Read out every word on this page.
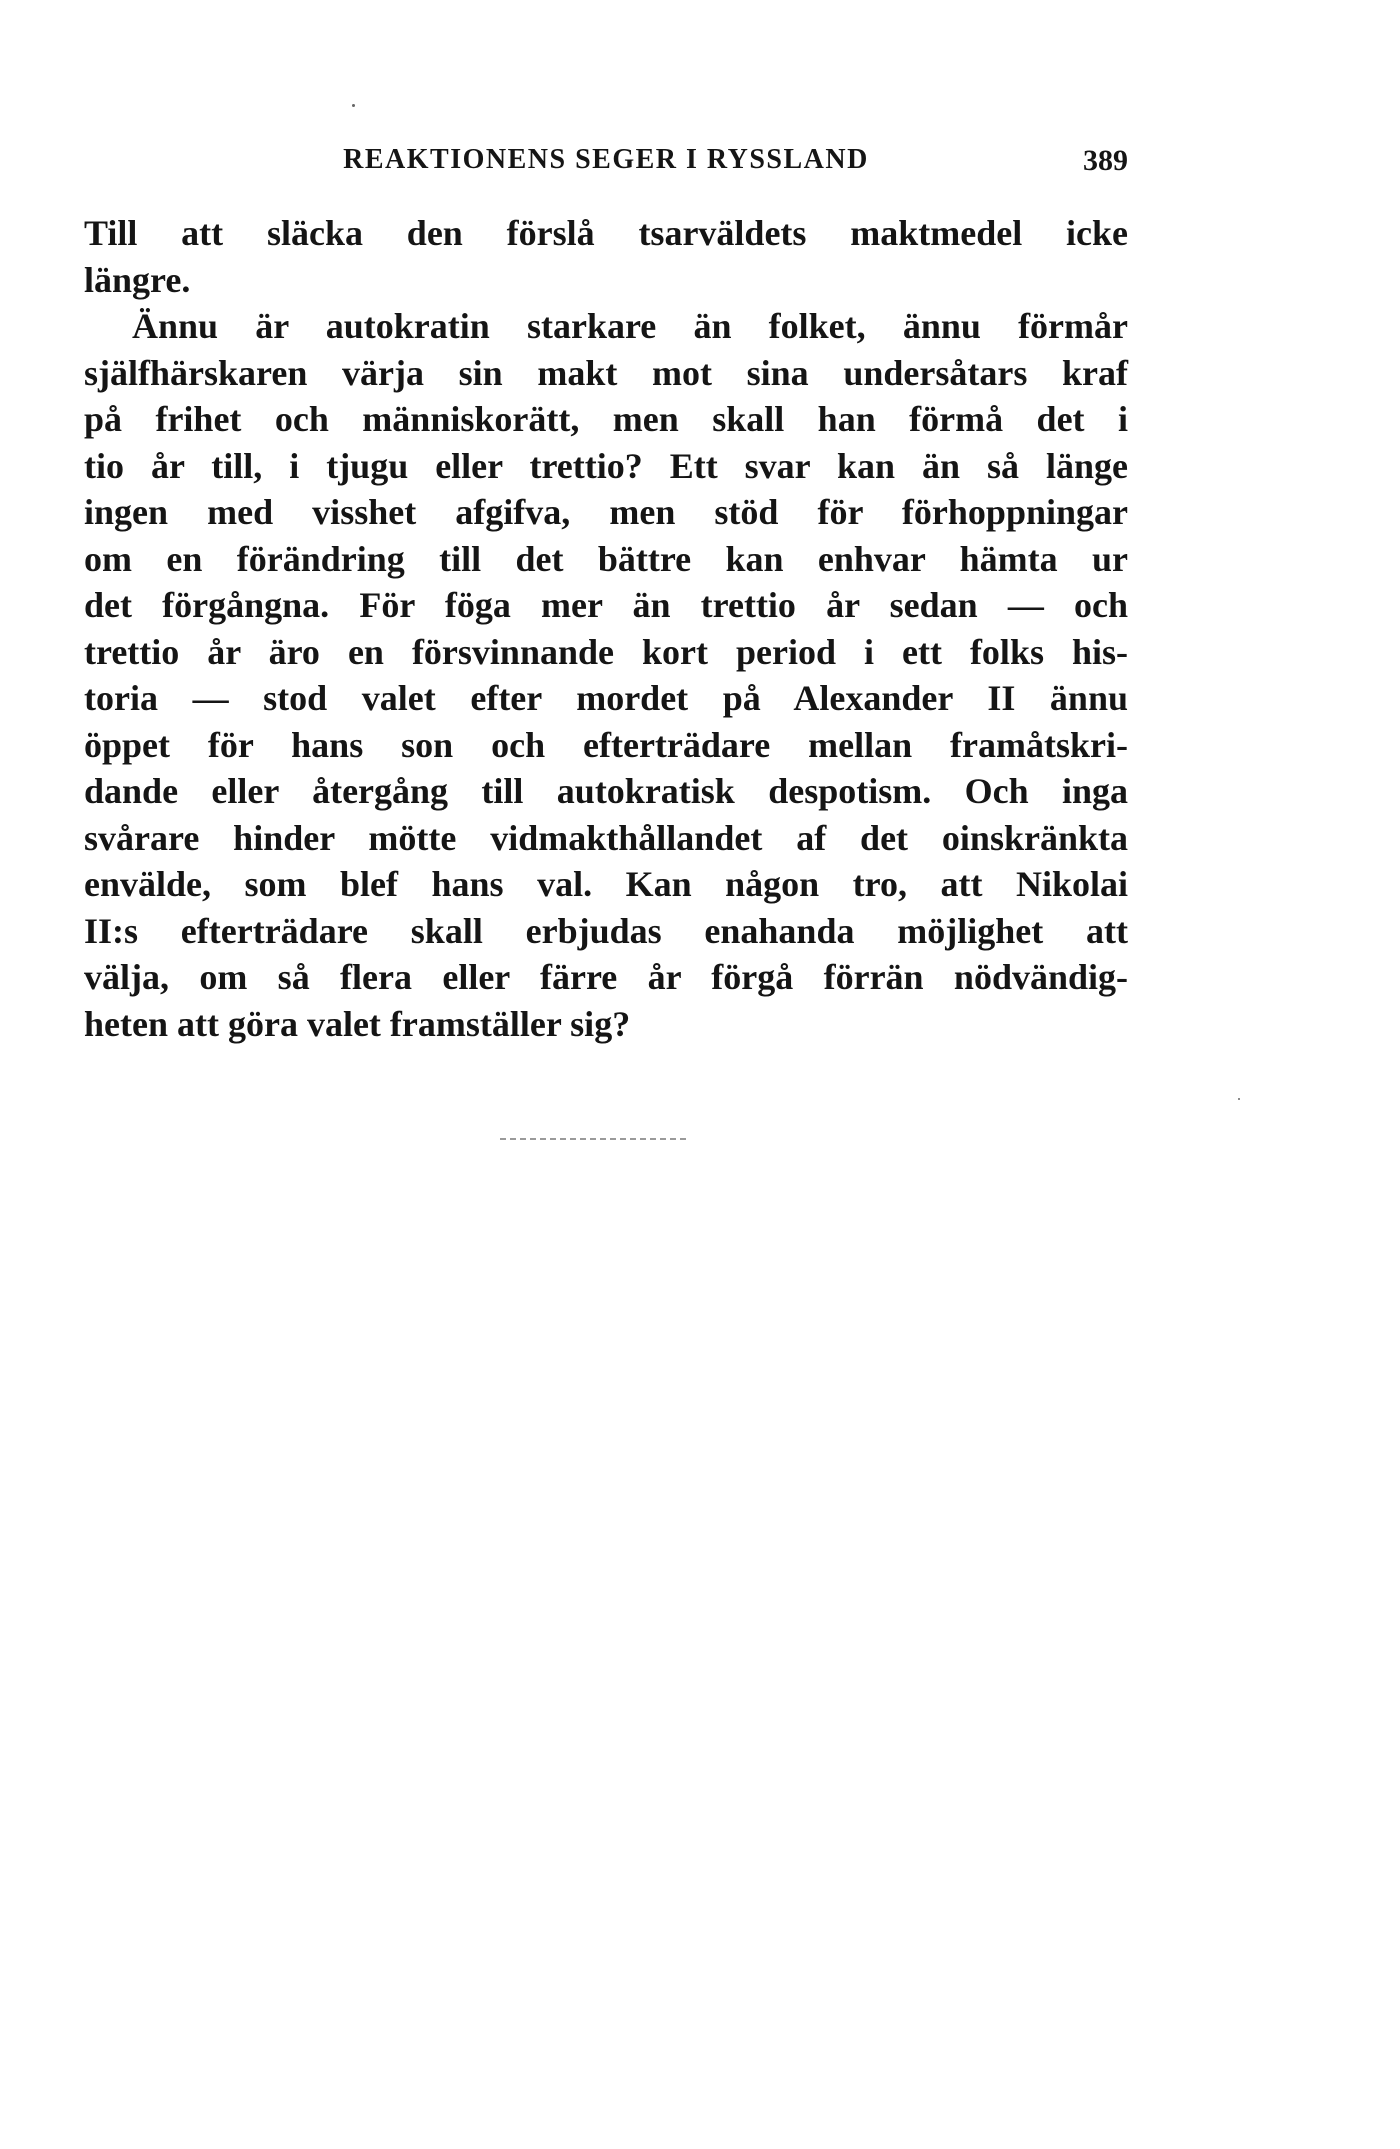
REAKTIONENS SEGER I RYSSLAND	389
Till att släcka den förslå tsarväldets maktmedel icke
längre.
Ännu är autokratin starkare än folket, ännu förmår
själfhärskaren värja sin makt mot sina undersåtars kraf
på frihet och människorätt, men skall han förmå det i
tio år till, i tjugu eller trettio? Ett svar kan än så länge
ingen med visshet afgifva, men stöd för förhoppningar
om en förändring till det bättre kan enhvar hämta ur
det förgångna. För föga mer än trettio år sedan — och
trettio år äro en försvinnande kort period i ett folks his-
toria — stod valet efter mordet på Alexander II ännu
öppet för hans son och efterträdare mellan framåtskri-
dande eller återgång till autokratisk despotism. Och inga
svårare hinder mötte vidmakthållandet af det oinskränkta
envälde, som blef hans val. Kan någon tro, att Nikolai
II:s efterträdare skall erbjudas enahanda möjlighet att
välja, om så flera eller färre år förgå förrän nödvändig-
heten att göra valet framställer sig?
